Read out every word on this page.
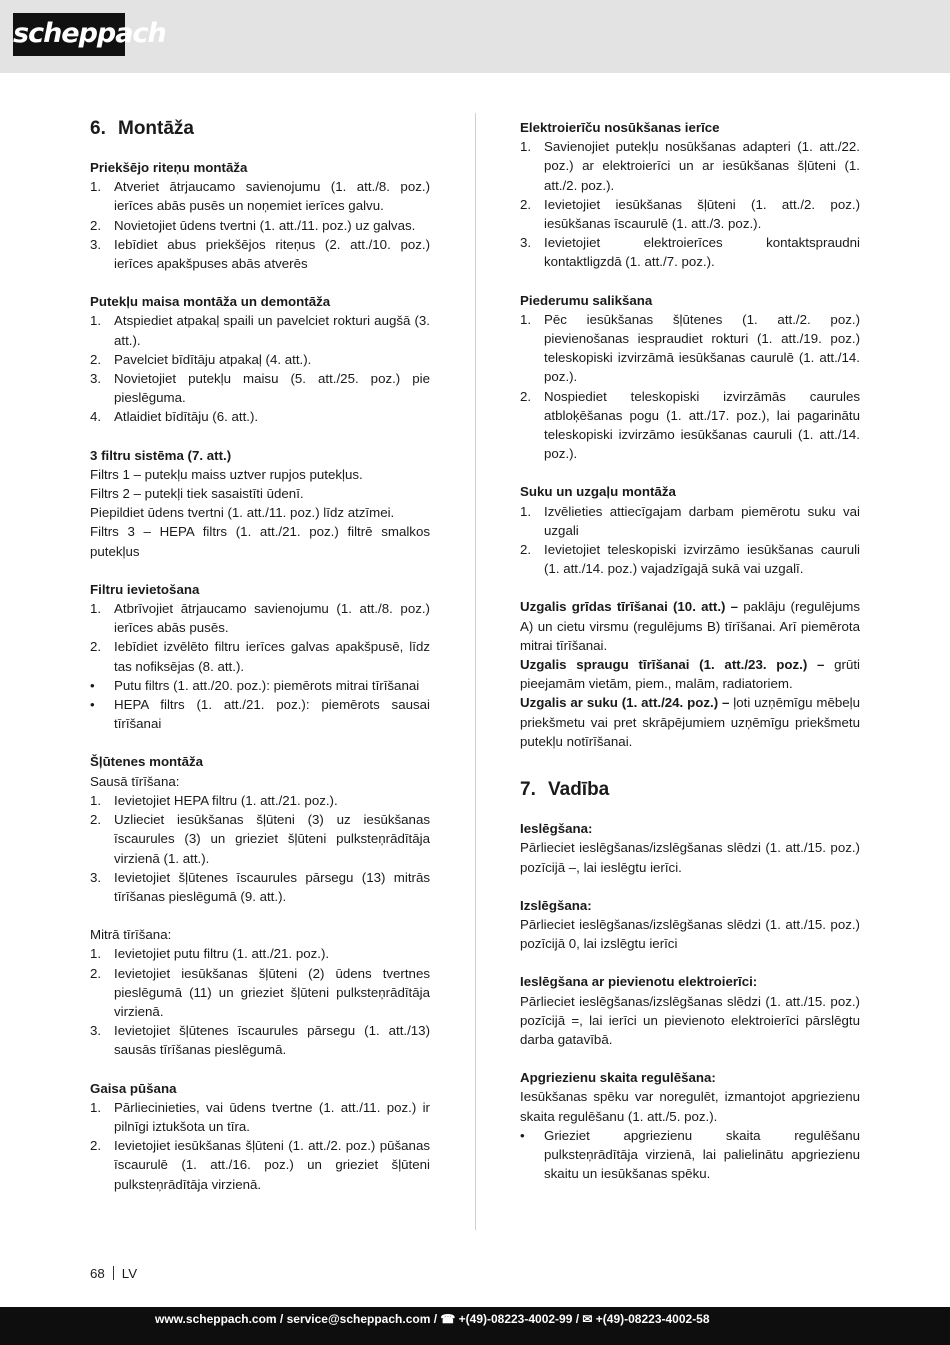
scheppach
6. Montāža
Priekšējo riteņu montāža
1. Atveriet ātrjaucamo savienojumu (1. att./8. poz.) ierīces abās pusēs un noņemiet ierīces galvu.
2. Novietojiet ūdens tvertni (1. att./11. poz.) uz galvas.
3. Iebīdiet abus priekšējos riteņus (2. att./10. poz.) ierīces apakšpuses abās atverēs
Putekļu maisa montāža un demontāža
1. Atspiediet atpakaļ spaili un pavelciet rokturi augšā (3. att.).
2. Pavelciet bīdītāju atpakaļ (4. att.).
3. Novietojiet putekļu maisu (5. att./25. poz.) pie pieslēguma.
4. Atlaidiet bīdītāju (6. att.).
3 filtru sistēma (7. att.)
Filtrs 1 – putekļu maiss uztver rupjos putekļus.
Filtrs 2 – putekļi tiek sasaistīti ūdenī.
Piepildiet ūdens tvertni (1. att./11. poz.) līdz atzīmei.
Filtrs 3 – HEPA filtrs (1. att./21. poz.) filtrē smalkos putekļus
Filtru ievietošana
1. Atbrīvojiet ātrjaucamo savienojumu (1. att./8. poz.) ierīces abās pusēs.
2. Iebīdiet izvēlēto filtru ierīces galvas apakšpusē, līdz tas nofiksējas (8. att.).
•	Putu filtrs (1. att./20. poz.): piemērots mitrai tīrīšanai
•	HEPA filtrs (1. att./21. poz.): piemērots sausai tīrīšanai
Šļūtenes montāža
Sausā tīrīšana:
1. Ievietojiet HEPA filtru (1. att./21. poz.).
2. Uzlieciet iesūkšanas šļūteni (3) uz iesūkšanas īscaurules (3) un grieziet šļūteni pulksteņrādītāja virzienā (1. att.).
3. Ievietojiet šļūtenes īscaurules pārsegu (13) mitrās tīrīšanas pieslēgumā (9. att.).
Mitrā tīrīšana:
1. Ievietojiet putu filtru (1. att./21. poz.).
2. Ievietojiet iesūkšanas šļūteni (2) ūdens tvertnes pieslēgumā (11) un grieziet šļūteni pulksteņrādītāja virzienā.
3. Ievietojiet šļūtenes īscaurules pārsegu (1. att./13) sausās tīrīšanas pieslēgumā.
Gaisa pūšana
1. Pārliecinieties, vai ūdens tvertne (1. att./11. poz.) ir pilnīgi iztukšota un tīra.
2. Ievietojiet iesūkšanas šļūteni (1. att./2. poz.) pūšanas īscaurulē (1. att./16. poz.) un grieziet šļūteni pulksteņrādītāja virzienā.
Elektroierīču nosūkšanas ierīce
1. Savienojiet putekļu nosūkšanas adapteri (1. att./22. poz.) ar elektroierīci un ar iesūkšanas šļūteni (1. att./2. poz.).
2. Ievietojiet iesūkšanas šļūteni (1. att./2. poz.) iesūkšanas īscaurulē (1. att./3. poz.).
3. Ievietojiet elektroierīces kontaktspraudni kontaktligzdā (1. att./7. poz.).
Piederumu salikšana
1. Pēc iesūkšanas šļūtenes (1. att./2. poz.) pievienošanas iespraudiet rokturi (1. att./19. poz.) teleskopiski izvirzāmā iesūkšanas caurulē (1. att./14. poz.).
2. Nospiediet teleskopiski izvirzāmās caurules atbloķēšanas pogu (1. att./17. poz.), lai pagarinātu teleskopiski izvirzāmo iesūkšanas cauruli (1. att./14. poz.).
Suku un uzgaļu montāža
1. Izvēlieties attiecīgajam darbam piemērotu suku vai uzgali
2. Ievietojiet teleskopiski izvirzāmo iesūkšanas cauruli (1. att./14. poz.) vajadzīgajā sukā vai uzgalī.
Uzgalis grīdas tīrīšanai (10. att.) – paklāju (regulējums A) un cietu virsmu (regulējums B) tīrīšanai. Arī piemērota mitrai tīrīšanai.
Uzgalis spraugu tīrīšanai (1. att./23. poz.) – grūti pieejamām vietām, piem., malām, radiatoriem.
Uzgalis ar suku (1. att./24. poz.) – ļoti uzņēmīgu mēbeļu priekšmetu vai pret skrāpējumiem uzņēmīgu priekšmetu putekļu notīrīšanai.
7. Vadība
Ieslēgšana:
Pārlieciet ieslēgšanas/izslēgšanas slēdzi (1. att./15. poz.) pozīcijā –, lai ieslēgtu ierīci.
Izslēgšana:
Pārlieciet ieslēgšanas/izslēgšanas slēdzi (1. att./15. poz.) pozīcijā 0, lai izslēgtu ierīci
Ieslēgšana ar pievienotu elektroierīci:
Pārlieciet ieslēgšanas/izslēgšanas slēdzi (1. att./15. poz.) pozīcijā =, lai ierīci un pievienoto elektroierīci pārslēgtu darba gatavībā.
Apgriezienu skaita regulēšana:
Iesūkšanas spēku var noregulēt, izmantojot apgriezienu skaita regulēšanu (1. att./5. poz.).
•	Grieziet apgriezienu skaita regulēšanu pulksteņrādītāja virzienā, lai palielinātu apgriezienu skaitu un iesūkšanas spēku.
68 LV
www.scheppach.com / service@scheppach.com / ☎ +(49)-08223-4002-99 / ✉ +(49)-08223-4002-58
